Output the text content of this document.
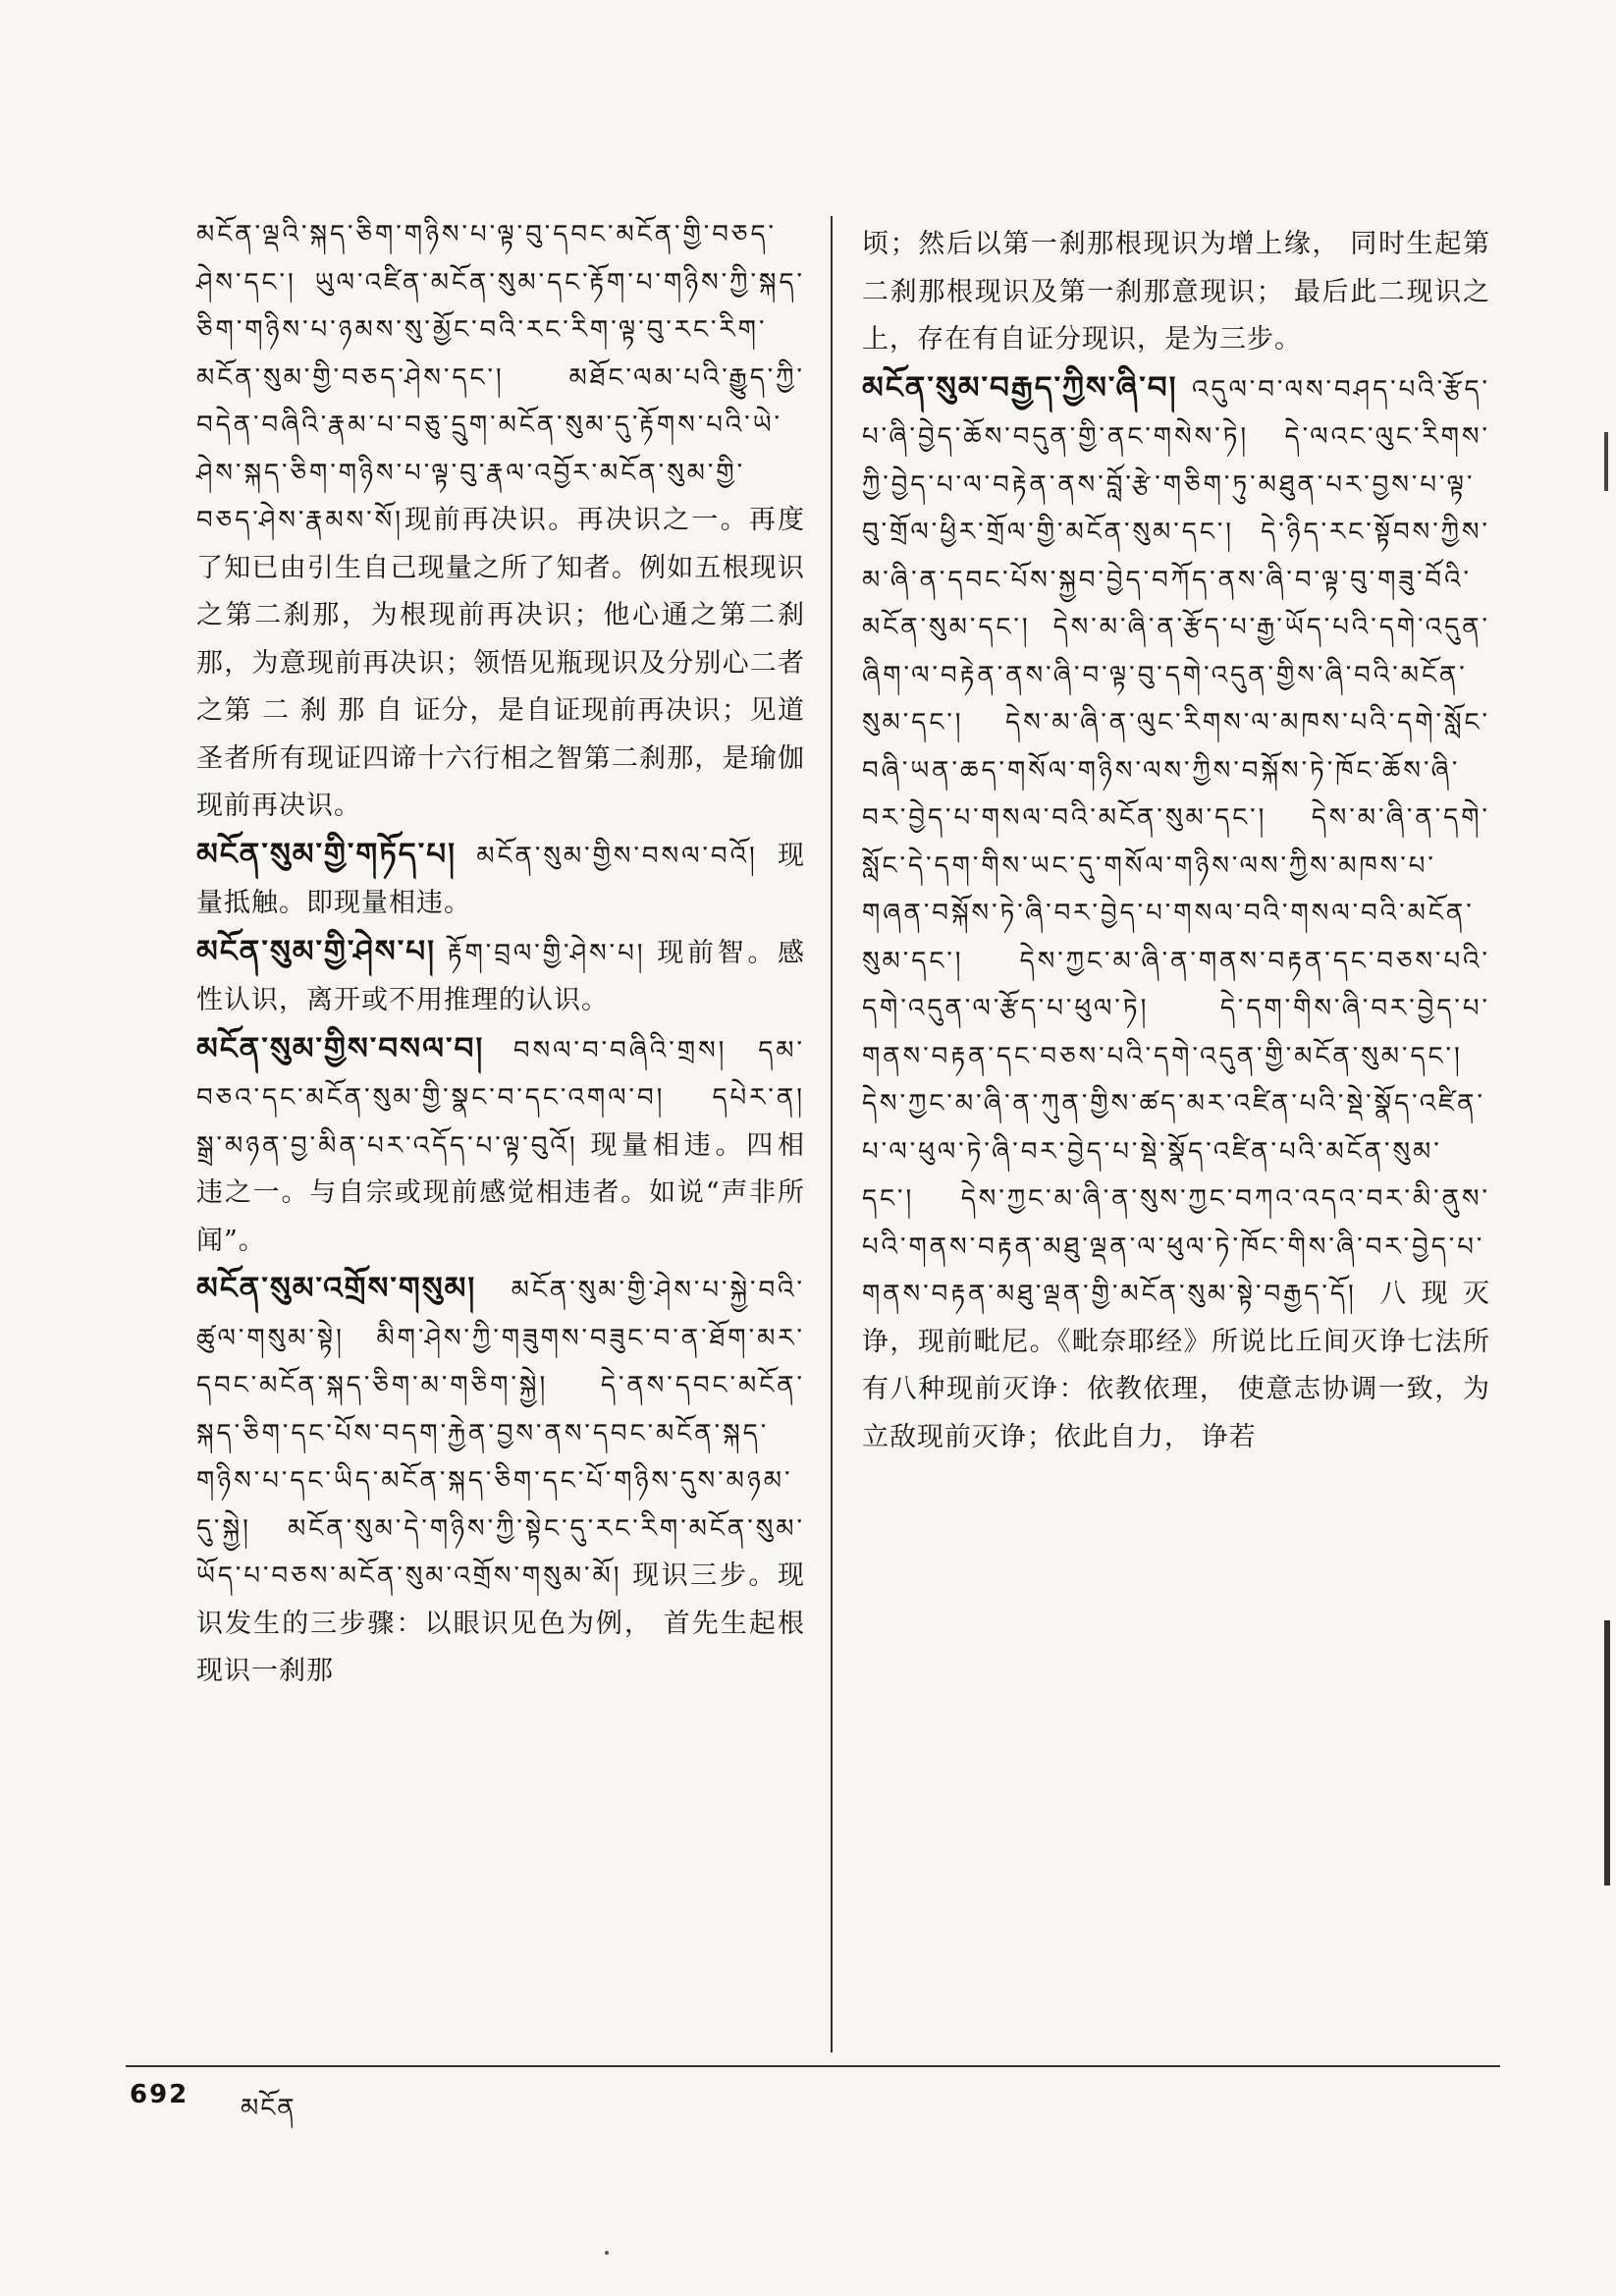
མངོན་ལྡའི་སྐད་ཅིག་གཉིས་པ་ལྟ་བུ་དབང་མངོན་གྱི་བཅད་ཤེས་དང་། ཡུལ་འཛིན་མངོན་སུམ་དང་རྟོག་པ་གཉིས་ཀྱི་སྐད་ཅིག་གཉིས་པ་ཉམས་སུ་མྱོང་བའི་རང་རིག་ལྟ་བུ་རང་རིག་མངོན་སུམ་གྱི་བཅད་ཤེས་དང་། མཐོང་ལམ་པའི་རྒྱུད་ཀྱི་བདེན་བཞིའི་རྣམ་པ་བཅུ་དྲུག་མངོན་སུམ་དུ་རྟོགས་པའི་ཡེ་ཤེས་སྐད་ཅིག་གཉིས་པ་ལྟ་བུ་རྣལ་འབྱོར་མངོན་སུམ་གྱི་བཅད་ཤེས་རྣམས་སོ།现前再决识。再决识之一。再度了知已由引生自己现量之所了知者。例如五根现识之第二刹那，为根现前再决识；他心通之第二刹那，为意现前再决识；领悟见瓶现识及分别心二者之第 二 刹 那 自 证分，是自证现前再决识；见道圣者所有现证四谛十六行相之智第二刹那，是瑜伽现前再决识。

མངོན་སུམ་གྱི་གཏོད་པ། མངོན་སུམ་གྱིས་བསལ་བའོ། 现量抵触。即现量相违。

མངོན་སུམ་གྱི་ཤེས་པ། རྟོག་བྲལ་གྱི་ཤེས་པ། 现前智。感性认识，离开或不用推理的认识。

མངོན་སུམ་གྱིས་བསལ་བ། བསལ་བ་བཞིའི་གྲས། དམ་བཅའ་དང་མངོན་སུམ་གྱི་སྣང་བ་དང་འགལ་བ། དཔེར་ན། སྒྲ་མཉན་བྱ་མིན་པར་འདོད་པ་ལྟ་བུའོ། 现量相违。四相违之一。与自宗或现前感觉相违者。如说“声非所闻”。

མངོན་སུམ་འགྲོས་གསུམ། མངོན་སུམ་གྱི་ཤེས་པ་སྐྱེ་བའི་ཚུལ་གསུམ་སྟེ། མིག་ཤེས་ཀྱི་གཟུགས་བཟུང་བ་ན་ཐོག་མར་དབང་མངོན་སྐད་ཅིག་མ་གཅིག་སྐྱེ། དེ་ནས་དབང་མངོན་སྐད་ཅིག་དང་པོས་བདག་རྐྱེན་བྱས་ནས་དབང་མངོན་སྐད་གཉིས་པ་དང་ཡིད་མངོན་སྐད་ཅིག་དང་པོ་གཉིས་དུས་མཉམ་དུ་སྐྱེ། མངོན་སུམ་དེ་གཉིས་ཀྱི་སྟེང་དུ་རང་རིག་མངོན་སུམ་ཡོད་པ་བཅས་མངོན་སུམ་འགྲོས་གསུམ་མོ། 现识三步。现识发生的三步骤：以眼识见色为例， 首先生起根现识一刹那

顷；然后以第一刹那根现识为增上缘， 同时生起第二刹那根现识及第一刹那意现识； 最后此二现识之上，存在有自证分现识，是为三步。

མངོན་སུམ་བརྒྱད་ཀྱིས་ཞི་བ། འདུལ་བ་ལས་བཤད་པའི་རྩོད་པ་ཞི་བྱེད་ཆོས་བདུན་གྱི་ནང་གསེས་ཏེ། དེ་ལའང་ལུང་རིགས་ཀྱི་བྱེད་པ་ལ་བརྟེན་ནས་བློ་རྩེ་གཅིག་ཏུ་མཐུན་པར་བྱས་པ་ལྟ་བུ་གྲོལ་ཕྱིར་གྲོལ་གྱི་མངོན་སུམ་དང་། དེ་ཉིད་རང་སྟོབས་ཀྱིས་མ་ཞི་ན་དབང་པོས་སྐྱབ་བྱེད་བཀོད་ནས་ཞི་བ་ལྟ་བུ་གཟུ་བོའི་མངོན་སུམ་དང་། དེས་མ་ཞི་ན་རྩོད་པ་རྒྱ་ཡོད་པའི་དགེ་འདུན་ཞིག་ལ་བརྟེན་ནས་ཞི་བ་ལྟ་བུ་དགེ་འདུན་གྱིས་ཞི་བའི་མངོན་སུམ་དང་། དེས་མ་ཞི་ན་ལུང་རིགས་ལ་མཁས་པའི་དགེ་སློང་བཞི་ཡན་ཆད་གསོལ་གཉིས་ལས་ཀྱིས་བསྐོས་ཏེ་ཁོང་ཆོས་ཞི་བར་བྱེད་པ་གསལ་བའི་མངོན་སུམ་དང་། དེས་མ་ཞི་ན་དགེ་སློང་དེ་དག་གིས་ཡང་དུ་གསོལ་གཉིས་ལས་ཀྱིས་མཁས་པ་གཞན་བསྐོས་ཏེ་ཞི་བར་བྱེད་པ་གསལ་བའི་གསལ་བའི་མངོན་སུམ་དང་། དེས་ཀྱང་མ་ཞི་ན་གནས་བརྟན་དང་བཅས་པའི་དགེ་འདུན་ལ་རྩོད་པ་ཕུལ་ཏེ། དེ་དག་གིས་ཞི་བར་བྱེད་པ་གནས་བརྟན་དང་བཅས་པའི་དགེ་འདུན་གྱི་མངོན་སུམ་དང་། དེས་ཀྱང་མ་ཞི་ན་ཀུན་གྱིས་ཚད་མར་འཛིན་པའི་སྡེ་སྣོད་འཛིན་པ་ལ་ཕུལ་ཏེ་ཞི་བར་བྱེད་པ་སྡེ་སྣོད་འཛིན་པའི་མངོན་སུམ་དང་། དེས་ཀྱང་མ་ཞི་ན་སུས་ཀྱང་བཀའ་འདའ་བར་མི་ནུས་པའི་གནས་བརྟན་མཐུ་ལྡན་ལ་ཕུལ་ཏེ་ཁོང་གིས་ཞི་བར་བྱེད་པ་གནས་བརྟན་མཐུ་ལྡན་གྱི་མངོན་སུམ་སྟེ་བརྒྱད་དོ། 八现灭诤，现前毗尼。《毗奈耶经》所说比丘间灭诤七法所有八种现前灭诤：依教依理， 使意志协调一致，为立敌现前灭诤；依此自力， 诤若

692 མངོན
